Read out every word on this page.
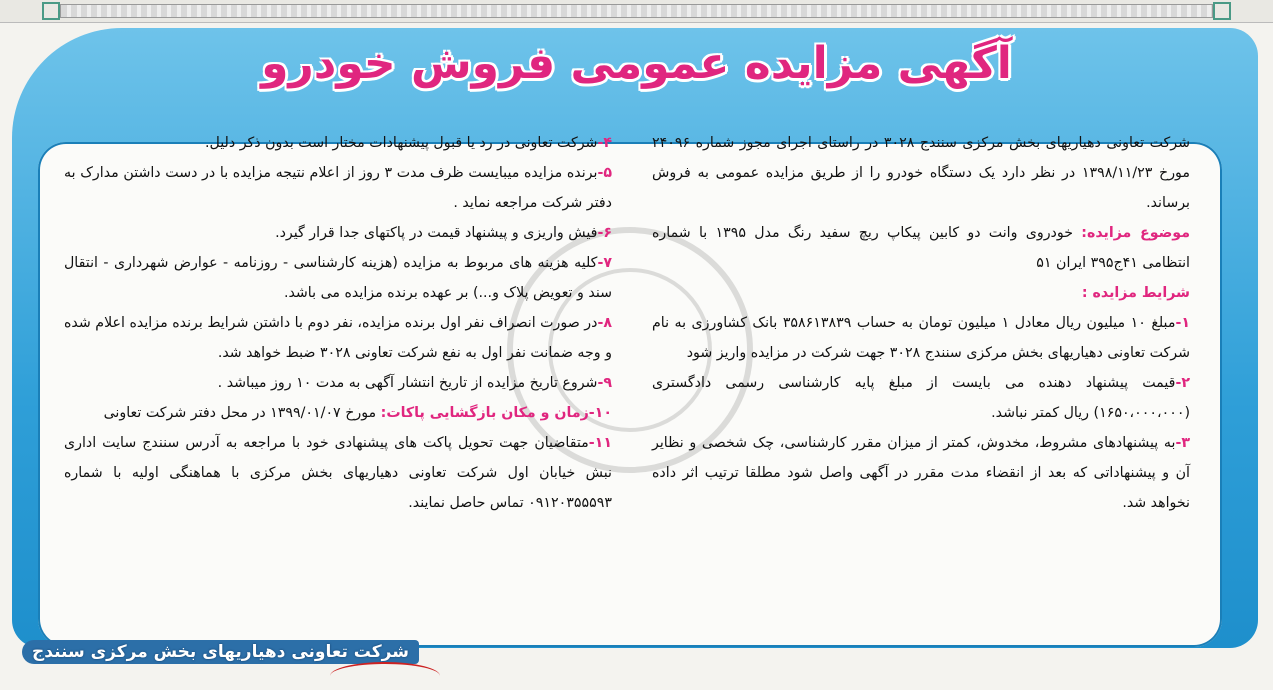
آگهی مزایده عمومی فروش خودرو

شرکت تعاونی دهیاریهای بخش مرکزی سنندج ۳۰۲۸ در راستای اجرای مجوز شماره ۲۴۰۹۶ مورخ ۱۳۹۸/۱۱/۲۳ در نظر دارد یک دستگاه خودرو را از طریق مزایده عمومی به فروش برساند.

موضوع مزایده: خودروی وانت دو کابین پیکاپ ریچ سفید رنگ مدل ۱۳۹۵ با شماره انتظامی ۴۱ج۳۹۵ ایران ۵۱

شرایط مزایده :

۱-مبلغ ۱۰ میلیون ریال معادل ۱ میلیون تومان به حساب ۳۵۸۶۱۳۸۳۹ بانک کشاورزی به نام شرکت تعاونی دهیاریهای بخش مرکزی سنندج ۳۰۲۸ جهت شرکت در مزایده واریز شود

۲-قیمت پیشنهاد دهنده می بایست از مبلغ پایه کارشناسی رسمی دادگستری (۱۶۵۰،۰۰۰،۰۰۰) ریال کمتر نباشد.

۳-به پیشنهادهای مشروط، مخدوش، کمتر از میزان مقرر کارشناسی، چک شخصی و نظایر آن و پیشنهاداتی که بعد از انقضاء مدت مقرر در آگهی واصل شود مطلقا ترتیب اثر داده نخواهد شد.

۴-شرکت تعاونی در رد یا قبول پیشنهادات مختار است بدون ذکر دلیل.

۵-برنده مزایده میبایست ظرف مدت ۳ روز از اعلام نتیجه مزایده با در دست داشتن مدارک به دفتر شرکت مراجعه نماید .

۶-فیش واریزی و پیشنهاد قیمت در پاکتهای جدا قرار گیرد.

۷-کلیه هزینه های مربوط به مزایده (هزینه کارشناسی - روزنامه - عوارض شهرداری - انتقال سند و تعویض پلاک و...) بر عهده برنده مزایده می باشد.

۸-در صورت انصراف نفر اول برنده مزایده، نفر دوم با داشتن شرایط برنده مزایده اعلام شده و وجه ضمانت نفر اول به نفع شرکت تعاونی ۳۰۲۸ ضبط خواهد شد.

۹-شروع تاریخ مزایده از تاریخ انتشار آگهی به مدت ۱۰ روز میباشد .

۱۰-زمان و مکان بازگشایی پاکات: مورخ ۱۳۹۹/۰۱/۰۷ در محل دفتر شرکت تعاونی

۱۱-متقاضیان جهت تحویل پاکت های پیشنهادی خود با مراجعه به آدرس سنندج سایت اداری نبش خیابان اول شرکت تعاونی دهیاریهای بخش مرکزی با هماهنگی اولیه با شماره ۰۹۱۲۰۳۵۵۵۹۳ تماس حاصل نمایند.

شرکت تعاونی دهیاریهای بخش مرکزی سنندج
